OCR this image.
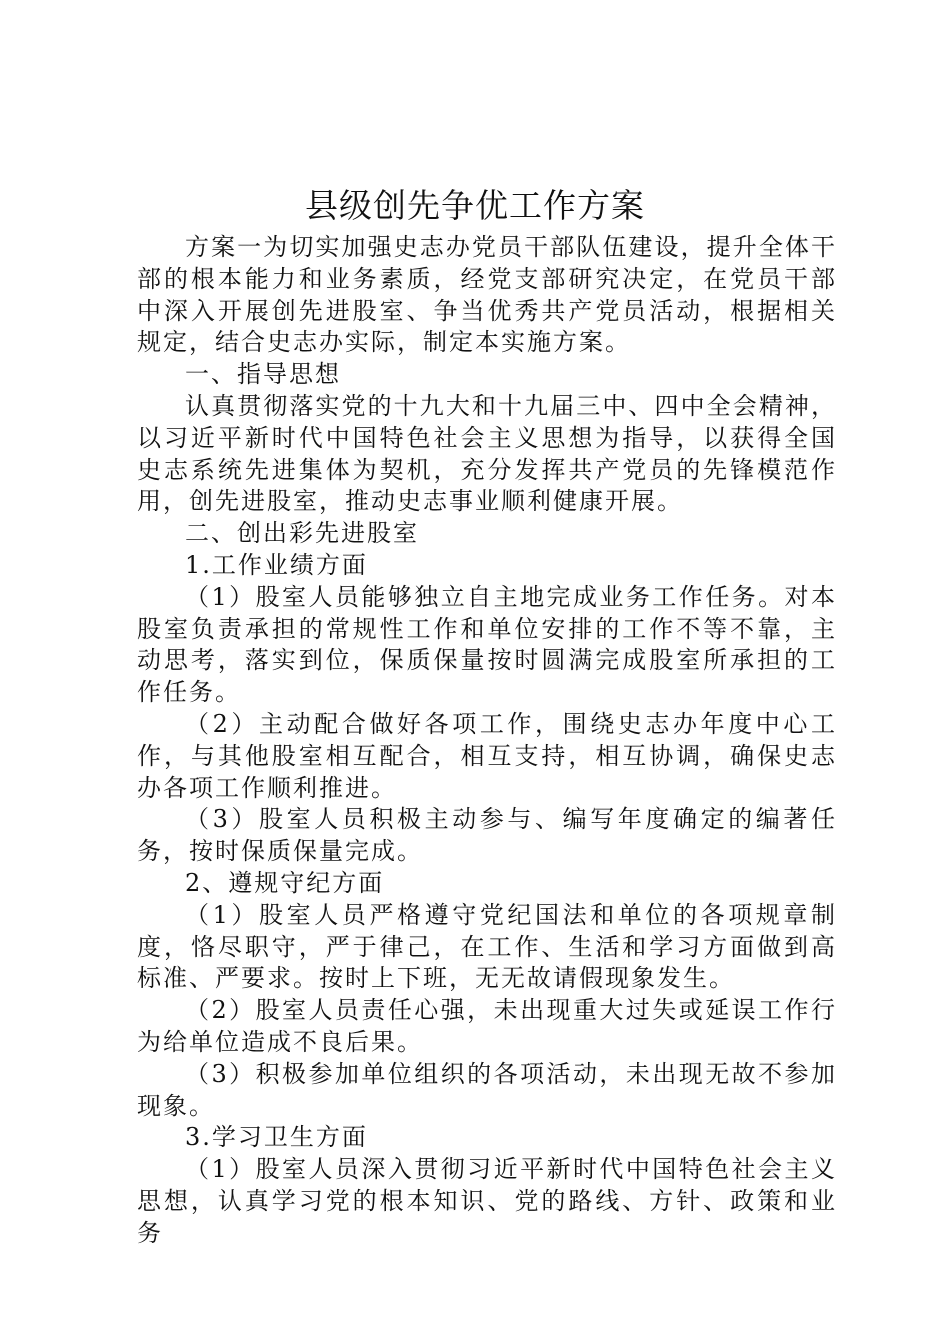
县级创先争优工作方案

方案一为切实加强史志办党员干部队伍建设，提升全体干部的根本能力和业务素质，经党支部研究决定，在党员干部中深入开展创先进股室、争当优秀共产党员活动，根据相关规定，结合史志办实际，制定本实施方案。

一、指导思想

认真贯彻落实党的十九大和十九届三中、四中全会精神，以习近平新时代中国特色社会主义思想为指导，以获得全国史志系统先进集体为契机，充分发挥共产党员的先锋模范作用，创先进股室，推动史志事业顺利健康开展。

二、创出彩先进股室

1.工作业绩方面

（1）股室人员能够独立自主地完成业务工作任务。对本股室负责承担的常规性工作和单位安排的工作不等不靠，主动思考，落实到位，保质保量按时圆满完成股室所承担的工作任务。

（2）主动配合做好各项工作，围绕史志办年度中心工作，与其他股室相互配合，相互支持，相互协调，确保史志办各项工作顺利推进。

（3）股室人员积极主动参与、编写年度确定的编著任务，按时保质保量完成。

2、遵规守纪方面

（1）股室人员严格遵守党纪国法和单位的各项规章制度，恪尽职守，严于律己，在工作、生活和学习方面做到高标准、严要求。按时上下班，无无故请假现象发生。

（2）股室人员责任心强，未出现重大过失或延误工作行为给单位造成不良后果。

（3）积极参加单位组织的各项活动，未出现无故不参加现象。

3.学习卫生方面

（1）股室人员深入贯彻习近平新时代中国特色社会主义思想，认真学习党的根本知识、党的路线、方针、政策和业务
